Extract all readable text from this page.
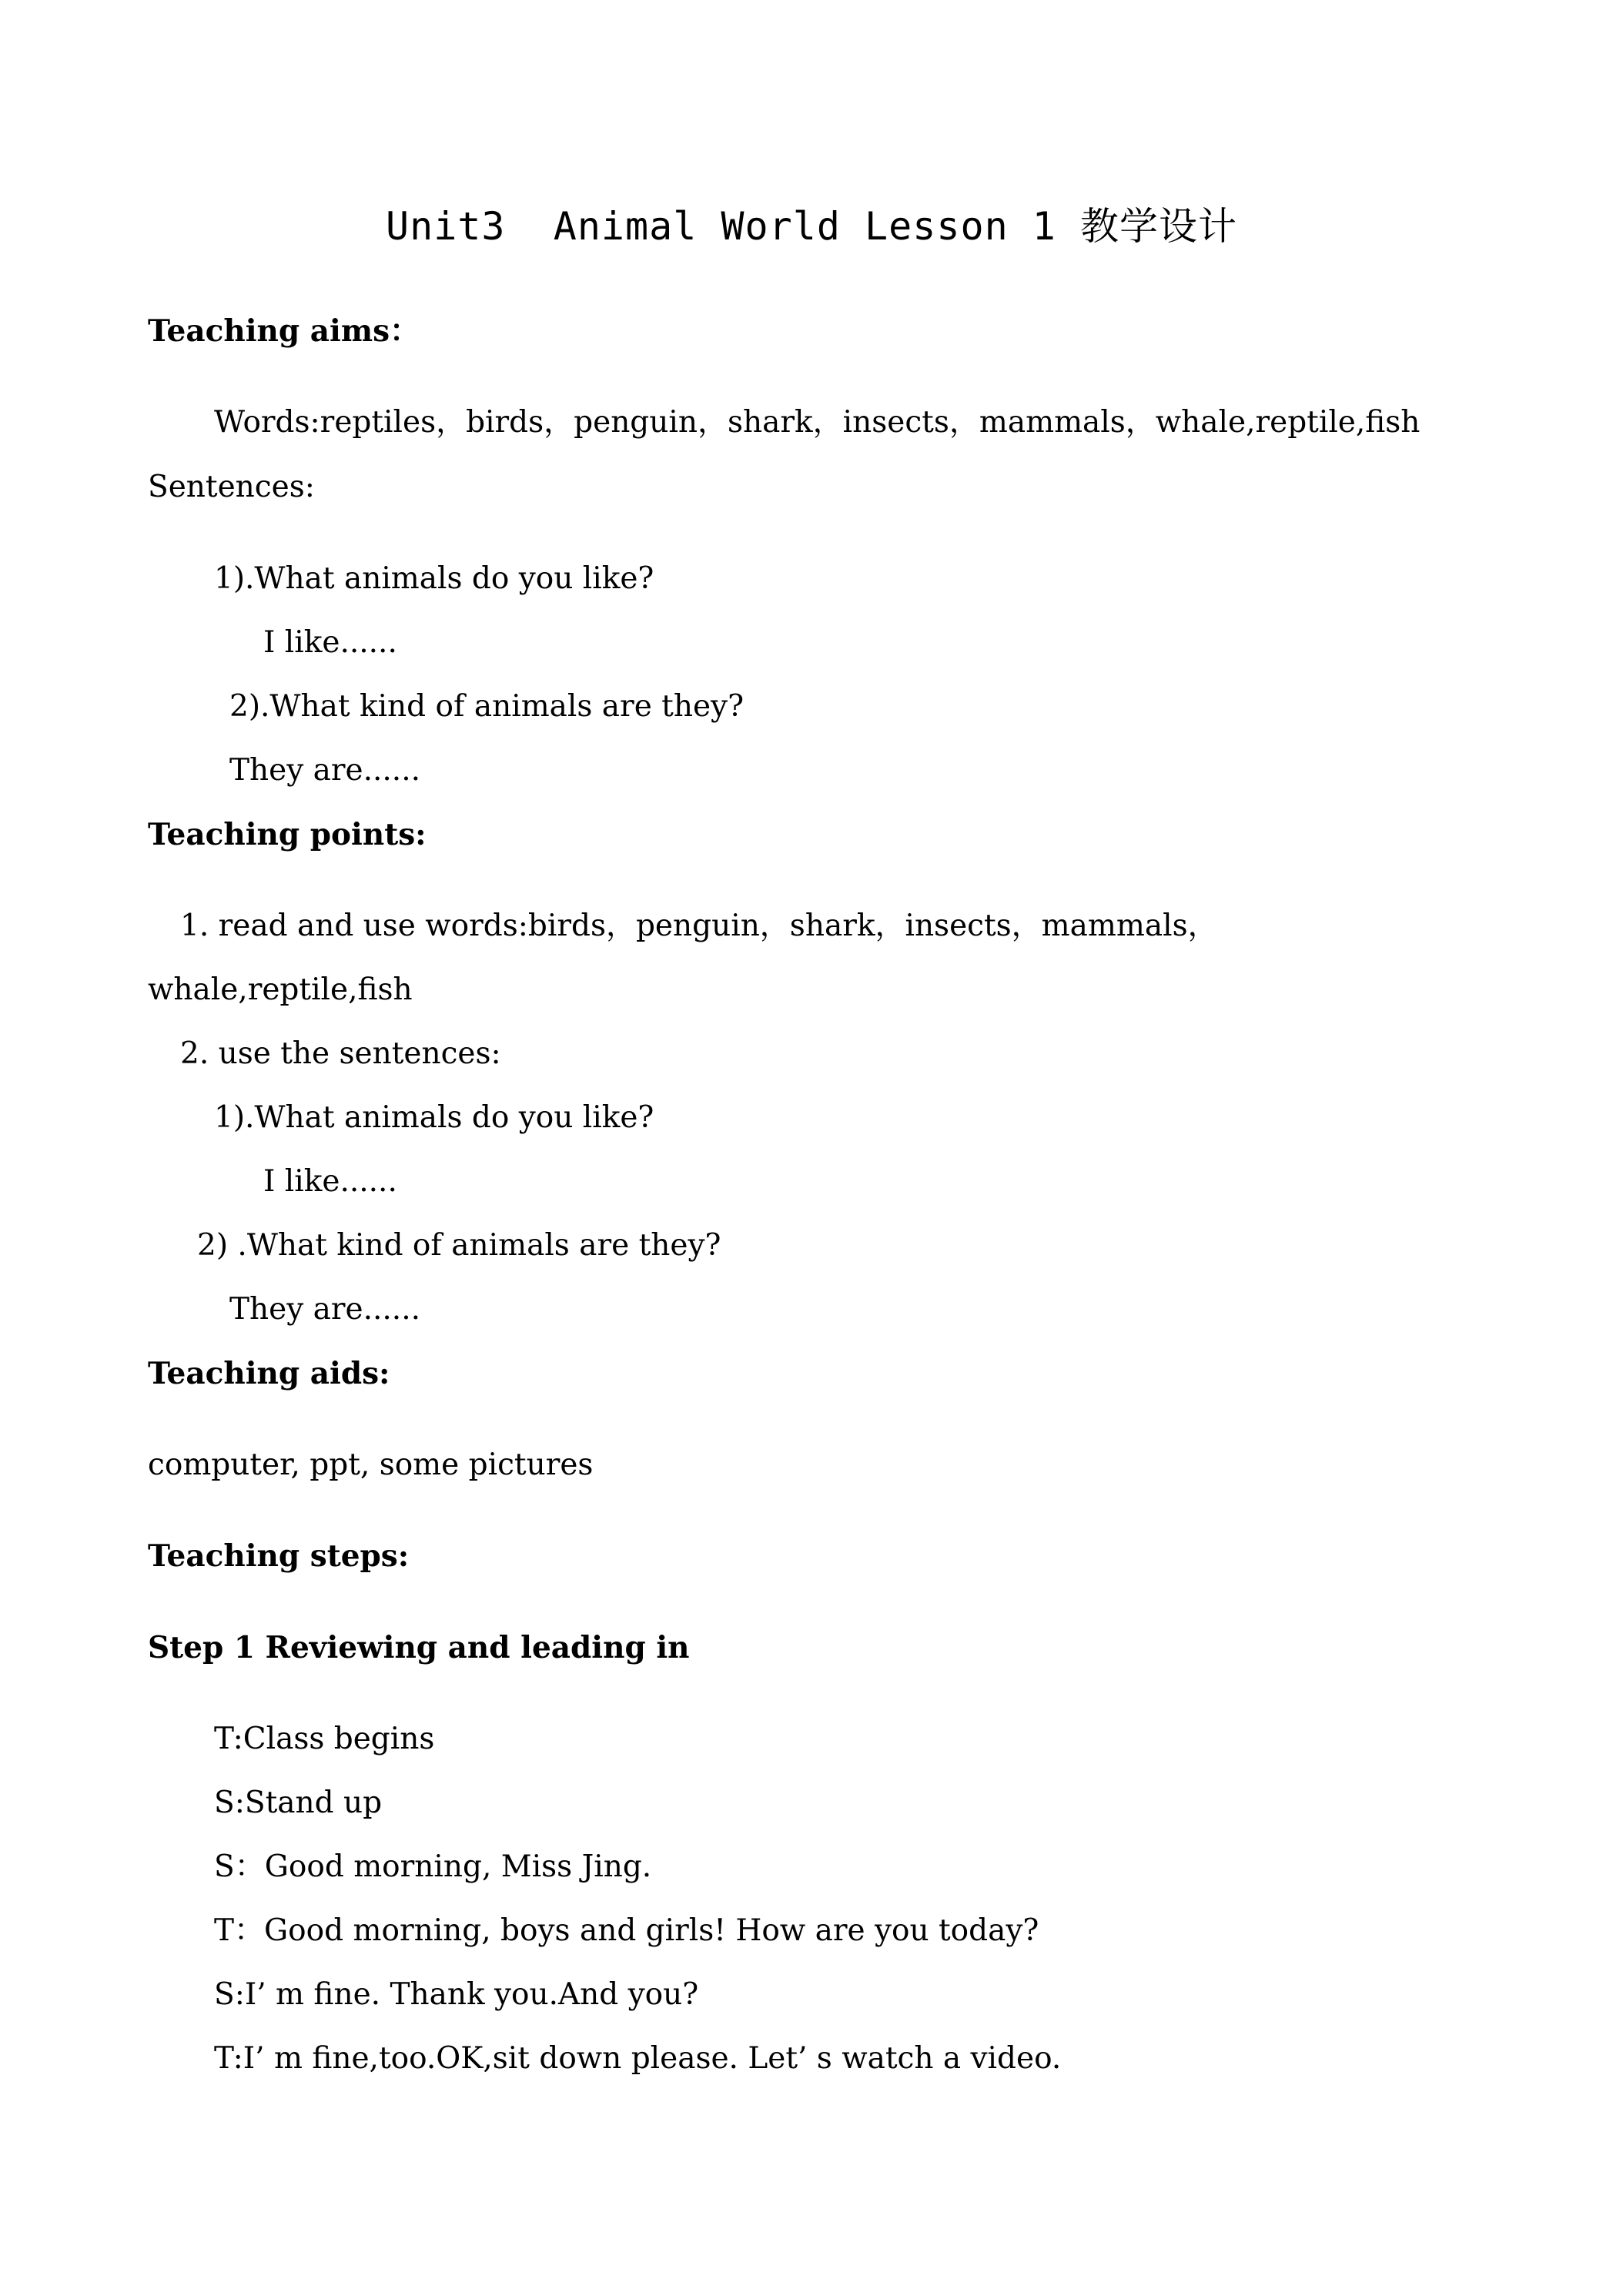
Unit3  Animal World Lesson 1 教学设计
Teaching aims：
Words:reptiles，birds，penguin，shark，insects，mammals，whale,reptile,fish
Sentences:
1).What animals do you like?
I like......
2).What kind of animals are they?
They are......
Teaching points:
1. read and use words:birds，penguin，shark，insects，mammals，
whale,reptile,fish
2. use the sentences:
1).What animals do you like?
I like......
2) .What kind of animals are they?
They are......
Teaching aids:
computer, ppt, some pictures
Teaching steps:
Step 1 Reviewing and leading in
T:Class begins
S:Stand up
S：Good morning, Miss Jing.
T：Good morning, boys and girls! How are you today?
S:I’ m fine. Thank you.And you?
T:I’ m fine,too.OK,sit down please. Let’ s watch a video.
